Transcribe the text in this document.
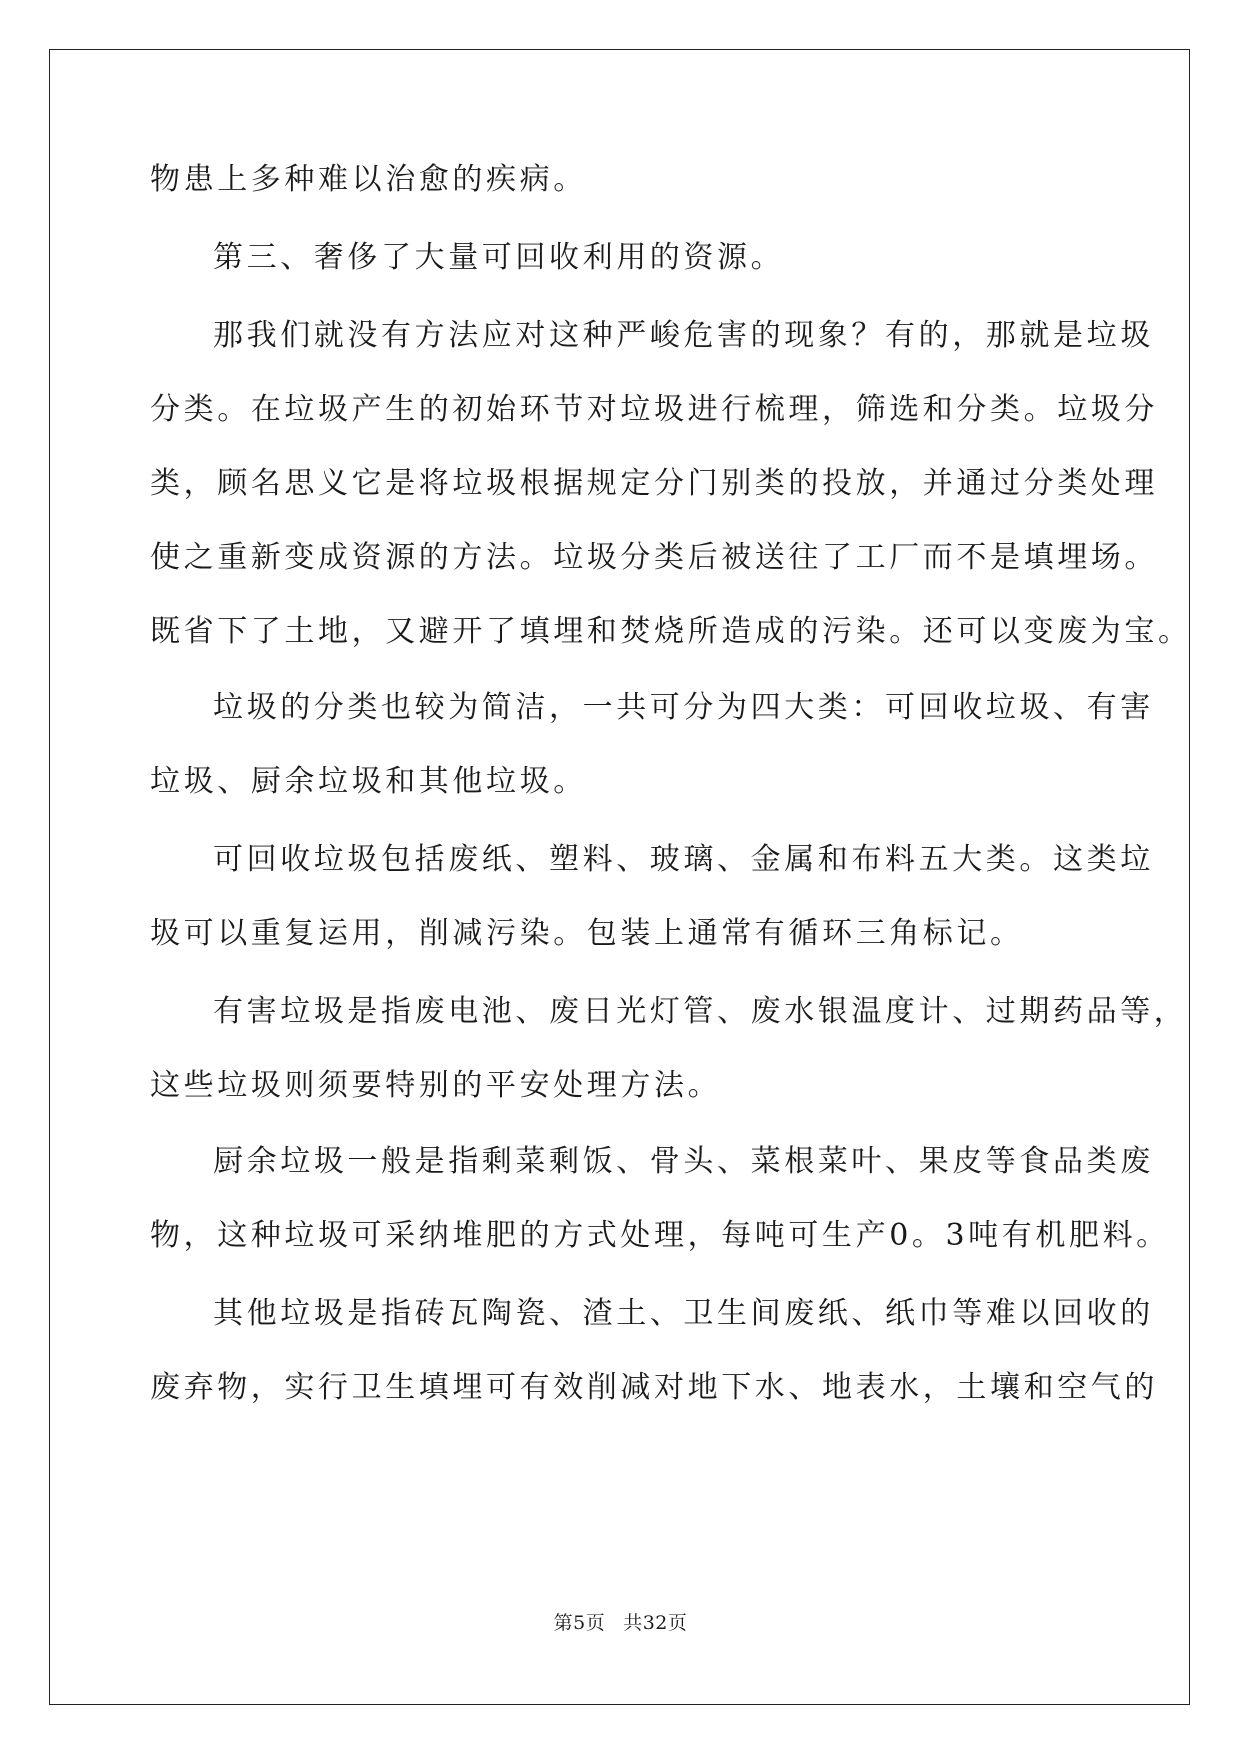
物患上多种难以治愈的疾病。
第三、奢侈了大量可回收利用的资源。
那我们就没有方法应对这种严峻危害的现象？有的，那就是垃圾
分类。在垃圾产生的初始环节对垃圾进行梳理，筛选和分类。垃圾分
类，顾名思义它是将垃圾根据规定分门别类的投放，并通过分类处理
使之重新变成资源的方法。垃圾分类后被送往了工厂而不是填埋场。
既省下了土地，又避开了填埋和焚烧所造成的污染。还可以变废为宝。
垃圾的分类也较为简洁，一共可分为四大类：可回收垃圾、有害
垃圾、厨余垃圾和其他垃圾。
可回收垃圾包括废纸、塑料、玻璃、金属和布料五大类。这类垃
圾可以重复运用，削减污染。包装上通常有循环三角标记。
有害垃圾是指废电池、废日光灯管、废水银温度计、过期药品等，
这些垃圾则须要特别的平安处理方法。
厨余垃圾一般是指剩菜剩饭、骨头、菜根菜叶、果皮等食品类废
物，这种垃圾可采纳堆肥的方式处理，每吨可生产0。3吨有机肥料。
其他垃圾是指砖瓦陶瓷、渣土、卫生间废纸、纸巾等难以回收的
废弃物，实行卫生填埋可有效削减对地下水、地表水，土壤和空气的
第5页 共32页
